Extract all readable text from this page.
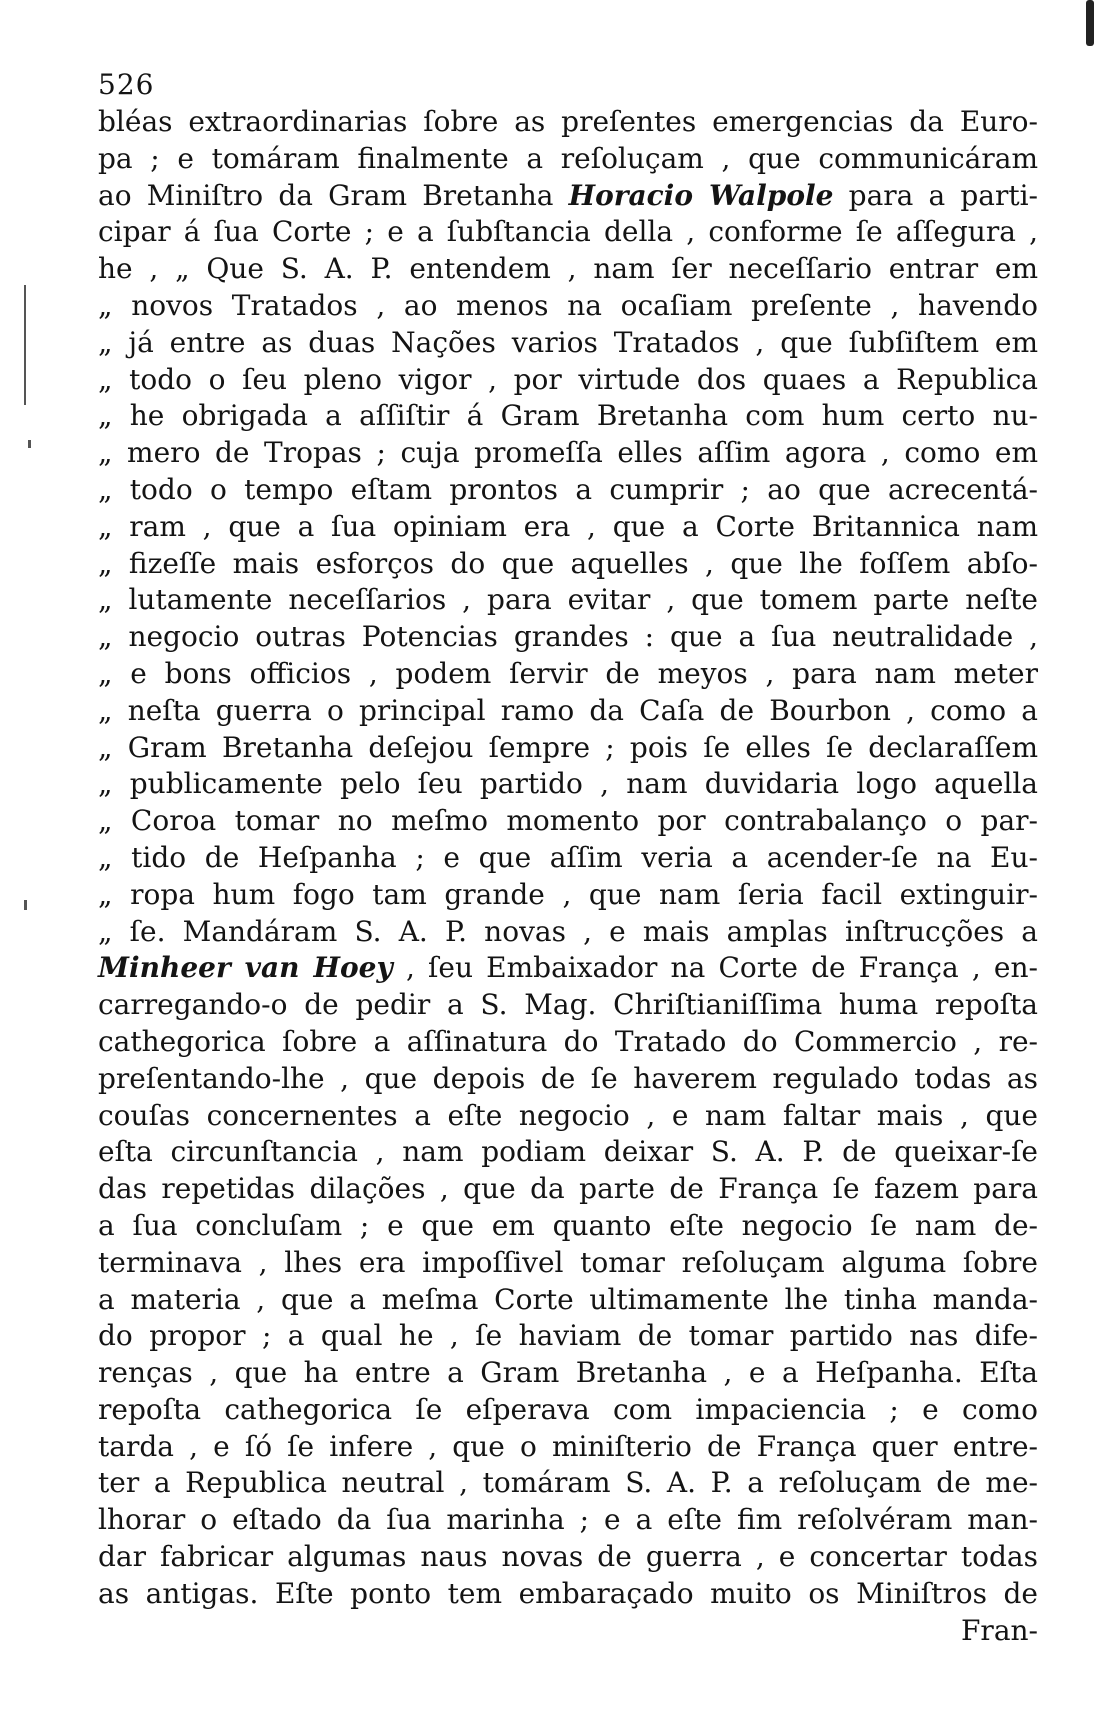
526
bléas extraordinarias ſobre as preſentes emergencias da Euro-
pa ; e tomáram finalmente a reſoluçam , que communicáram
ao Miniſtro da Gram Bretanha Horacio Walpole para a parti-
cipar á ſua Corte ; e a ſubſtancia della , conforme ſe aſſegura ,
he , „ Que S. A. P. entendem , nam ſer neceſſario entrar em
„ novos Tratados , ao menos na ocaſiam preſente , havendo
„ já entre as duas Nações varios Tratados , que ſubſiſtem em
„ todo o ſeu pleno vigor , por virtude dos quaes a Republica
„ he obrigada a aſſiſtir á Gram Bretanha com hum certo nu-
„ mero de Tropas ; cuja promeſſa elles aſſim agora , como em
„ todo o tempo eſtam prontos a cumprir ; ao que acrecentá-
„ ram , que a ſua opiniam era , que a Corte Britannica nam
„ fizeſſe mais esforços do que aquelles , que lhe foſſem abſo-
„ lutamente neceſſarios , para evitar , que tomem parte neſte
„ negocio outras Potencias grandes : que a ſua neutralidade ,
„ e bons officios , podem ſervir de meyos , para nam meter
„ neſta guerra o principal ramo da Caſa de Bourbon , como a
„ Gram Bretanha deſejou ſempre ; pois ſe elles ſe declaraſſem
„ publicamente pelo ſeu partido , nam duvidaria logo aquella
„ Coroa tomar no meſmo momento por contrabalanço o par-
„ tido de Heſpanha ; e que aſſim veria a acender-ſe na Eu-
„ ropa hum fogo tam grande , que nam ſeria facil extinguir-
„ ſe. Mandáram S. A. P. novas , e mais amplas inſtrucções a
Minheer van Hoey , ſeu Embaixador na Corte de França , en-
carregando-o de pedir a S. Mag. Chriſtianiſſima huma repoſta
cathegorica ſobre a aſſinatura do Tratado do Commercio , re-
preſentando-lhe , que depois de ſe haverem regulado todas as
couſas concernentes a eſte negocio , e nam faltar mais , que
eſta circunſtancia , nam podiam deixar S. A. P. de queixar-ſe
das repetidas dilações , que da parte de França ſe fazem para
a ſua concluſam ; e que em quanto eſte negocio ſe nam de-
terminava , lhes era impoſſivel tomar reſoluçam alguma ſobre
a materia , que a meſma Corte ultimamente lhe tinha manda-
do propor ; a qual he , ſe haviam de tomar partido nas dife-
renças , que ha entre a Gram Bretanha , e a Heſpanha. Eſta
repoſta cathegorica ſe eſperava com impaciencia ; e como
tarda , e ſó ſe infere , que o miniſterio de França quer entre-
ter a Republica neutral , tomáram S. A. P. a reſoluçam de me-
lhorar o eſtado da ſua marinha ; e a eſte fim reſolvéram man-
dar fabricar algumas naus novas de guerra , e concertar todas
as antigas. Eſte ponto tem embaraçado muito os Miniſtros de
Fran-
